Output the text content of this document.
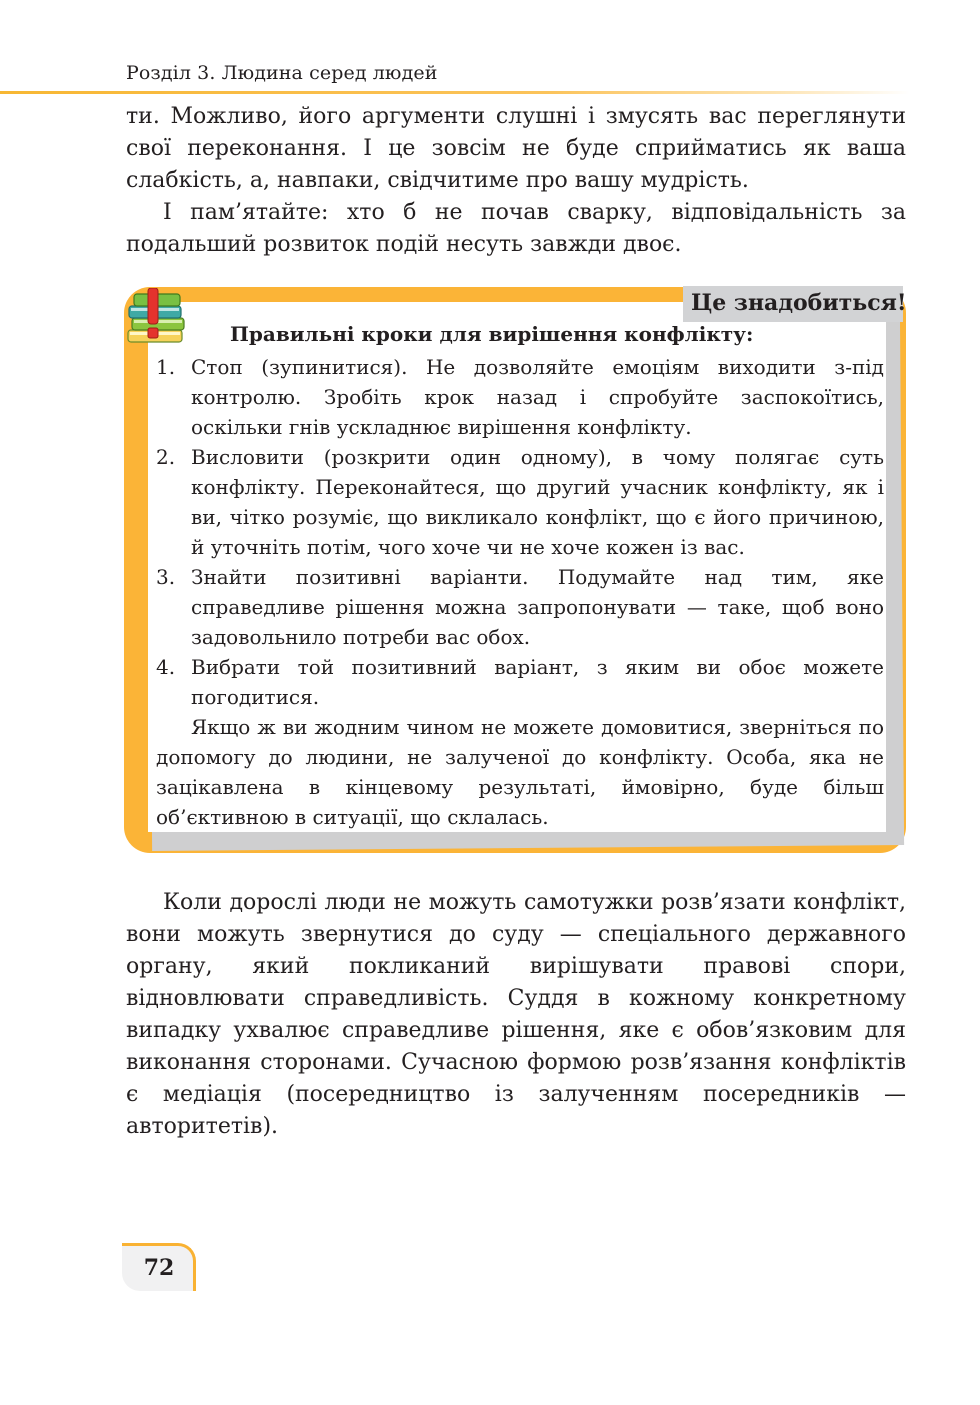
Розділ 3. Людина серед людей

ти. Можливо, його аргументи слушні і змусять вас переглянути свої переконання. І це зовсім не буде сприйматись як ваша слабкість, а, навпаки, свідчитиме про вашу мудрість.

І пам’ятайте: хто б не почав сварку, відповідальність за подальший розвиток подій несуть завжди двоє.

Це знадобиться!
Правильні кроки для вирішення конфлікту:
1. Стоп (зупинитися). Не дозволяйте емоціям виходити з-під контролю. Зробіть крок назад і спробуйте заспокоїтись, оскільки гнів ускладнює вирішення конфлікту.
2. Висловити (розкрити один одному), в чому полягає суть конфлікту. Переконайтеся, що другий учасник конфлікту, як і ви, чітко розуміє, що викликало конфлікт, що є його причиною, й уточніть потім, чого хоче чи не хоче кожен із вас.
3. Знайти позитивні варіанти. Подумайте над тим, яке справедливе рішення можна запропонувати — таке, щоб воно задовольнило потреби вас обох.
4. Вибрати той позитивний варіант, з яким ви обоє можете погодитися.
Якщо ж ви жодним чином не можете домовитися, зверніться по допомогу до людини, не залученої до конфлікту. Особа, яка не зацікавлена в кінцевому результаті, ймовірно, буде більш об’єктивною в ситуації, що склалась.

Коли дорослі люди не можуть самотужки розв’язати конфлікт, вони можуть звернутися до суду — спеціального державного органу, який покликаний вирішувати правові спори, відновлювати справедливість. Суддя в кожному конкретному випадку ухвалює справедливе рішення, яке є обов’язковим для виконання сторонами. Сучасною формою розв’язання конфліктів є медіація (посередництво із залученням посередників — авторитетів).

72
